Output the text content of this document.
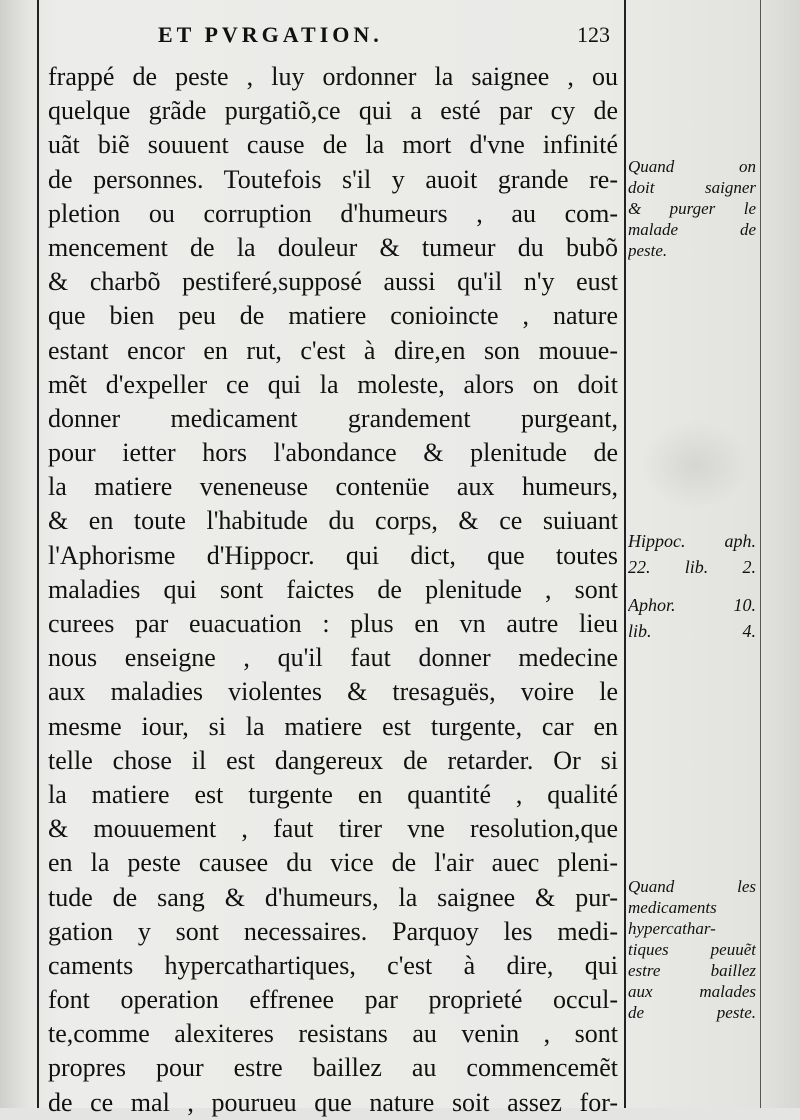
ET PVRGATION.	123
frappé de peste , luy ordonner la saignee , ou
quelque grãde purgatiõ,ce qui a esté par cy de
uãt biẽ souuent cause de la mort d'vne infinité
de personnes. Toutefois s'il y auoit grande re-
pletion ou corruption d'humeurs , au com-
mencement de la douleur & tumeur du bubõ
& charbõ pestiferé,supposé aussi qu'il n'y eust
que bien peu de matiere conioincte , nature
estant encor en rut, c'est à dire,en son mouue-
mẽt d'expeller ce qui la moleste, alors on doit
donner medicament grandement purgeant,
pour ietter hors l'abondance & plenitude de
la matiere veneneuse contenüe aux humeurs,
& en toute l'habitude du corps, & ce suiuant
l'Aphorisme d'Hippocr. qui dict, que toutes
maladies qui sont faictes de plenitude , sont
curees par euacuation : plus en vn autre lieu
nous enseigne , qu'il faut donner medecine
aux maladies violentes & tresaguës, voire le
mesme iour, si la matiere est turgente, car en
telle chose il est dangereux de retarder. Or si
la matiere est turgente en quantité , qualité
& mouuement , faut tirer vne resolution,que
en la peste causee du vice de l'air auec pleni-
tude de sang & d'humeurs, la saignee & pur-
gation y sont necessaires. Parquoy les medi-
caments hypercathartiques, c'est à dire, qui
font operation effrenee par proprieté occul-
te,comme alexiteres resistans au venin , sont
propres pour estre baillez au commencemẽt
de ce mal , pourueu que nature soit assez for-
Quand on
doit saigner
& purger le
malade de
peste.
Hippoc. aph.
22. lib. 2.
Aphor. 10.
lib. 4.
Quand les
medicaments
hypercathar-
tiques peuuẽt
estre baillez
aux malades
de peste.
